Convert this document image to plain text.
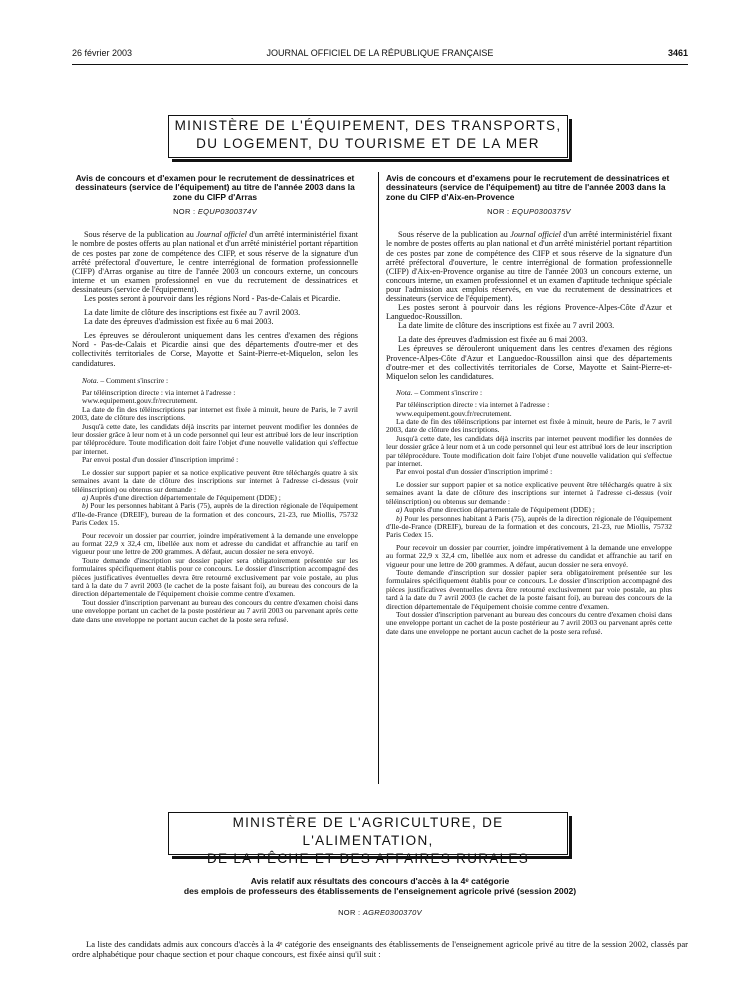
26 février 2003	JOURNAL OFFICIEL DE LA RÉPUBLIQUE FRANÇAISE	3461
MINISTÈRE DE L'ÉQUIPEMENT, DES TRANSPORTS,
DU LOGEMENT, DU TOURISME ET DE LA MER
Avis de concours et d'examen pour le recrutement de dessinatrices et dessinateurs (service de l'équipement) au titre de l'année 2003 dans la zone du CIFP d'Arras
NOR : EQUP0300374V

Sous réserve de la publication au Journal officiel d'un arrêté interministériel fixant le nombre de postes offerts au plan national et d'un arrêté ministériel portant répartition de ces postes par zone de compétence des CIFP, et sous réserve de la signature d'un arrêté préfectoral d'ouverture, le centre interrégional de formation professionnelle (CIFP) d'Arras organise au titre de l'année 2003 un concours externe, un concours interne et un examen professionnel en vue du recrutement de dessinatrices et dessinateurs (service de l'équipement).

Les postes seront à pourvoir dans les régions Nord - Pas-de-Calais et Picardie.

La date limite de clôture des inscriptions est fixée au 7 avril 2003.

La date des épreuves d'admission est fixée au 6 mai 2003.

Les épreuves se dérouleront uniquement dans les centres d'examen des régions Nord - Pas-de-Calais et Picardie ainsi que des départements d'outre-mer et des collectivités territoriales de Corse, Mayotte et Saint-Pierre-et-Miquelon, selon les candidatures.

Nota. – Comment s'inscrire :

Par téléinscription directe : via internet à l'adresse :

www.equipement.gouv.fr/recrutement.

La date de fin des téléinscriptions par internet est fixée à minuit, heure de Paris, le 7 avril 2003, date de clôture des inscriptions.

Jusqu'à cette date, les candidats déjà inscrits par internet peuvent modifier les données de leur dossier grâce à leur nom et à un code personnel qui leur est attribué lors de leur inscription par téléprocédure. Toute modification doit faire l'objet d'une nouvelle validation qui s'effectue par internet.

Par envoi postal d'un dossier d'inscription imprimé :

Le dossier sur support papier et sa notice explicative peuvent être téléchargés quatre à six semaines avant la date de clôture des inscriptions sur internet à l'adresse ci-dessus (voir téléinscription) ou obtenus sur demande :

a) Auprès d'une direction départementale de l'équipement (DDE) ;

b) Pour les personnes habitant à Paris (75), auprès de la direction régionale de l'équipement d'Ile-de-France (DREIF), bureau de la formation et des concours, 21-23, rue Miollis, 75732 Paris Cedex 15.

Pour recevoir un dossier par courrier, joindre impérativement à la demande une enveloppe au format 22,9 x 32,4 cm, libellée aux nom et adresse du candidat et affranchie au tarif en vigueur pour une lettre de 200 grammes. A défaut, aucun dossier ne sera envoyé.

Toute demande d'inscription sur dossier papier sera obligatoirement présentée sur les formulaires spécifiquement établis pour ce concours. Le dossier d'inscription accompagné des pièces justificatives éventuelles devra être retourné exclusivement par voie postale, au plus tard à la date du 7 avril 2003 (le cachet de la poste faisant foi), au bureau des concours de la direction départementale de l'équipement choisie comme centre d'examen.

Tout dossier d'inscription parvenant au bureau des concours du centre d'examen choisi dans une enveloppe portant un cachet de la poste postérieur au 7 avril 2003 ou parvenant après cette date dans une enveloppe ne portant aucun cachet de la poste sera refusé.

Avis de concours et d'examens pour le recrutement de dessinatrices et dessinateurs (service de l'équipement) au titre de l'année 2003 dans la zone du CIFP d'Aix-en-Provence
NOR : EQUP0300375V

Sous réserve de la publication au Journal officiel d'un arrêté interministériel fixant le nombre de postes offerts au plan national et d'un arrêté ministériel portant répartition de ces postes par zone de compétence des CIFP et sous réserve de la signature d'un arrêté préfectoral d'ouverture, le centre interrégional de formation professionnelle (CIFP) d'Aix-en-Provence organise au titre de l'année 2003 un concours externe, un concours interne, un examen professionnel et un examen d'aptitude technique spéciale pour l'admission aux emplois réservés, en vue du recrutement de dessinatrices et dessinateurs (service de l'équipement).

Les postes seront à pourvoir dans les régions Provence-Alpes-Côte d'Azur et Languedoc-Roussillon.

La date limite de clôture des inscriptions est fixée au 7 avril 2003.

La date des épreuves d'admission est fixée au 6 mai 2003.

Les épreuves se dérouleront uniquement dans les centres d'examen des régions Provence-Alpes-Côte d'Azur et Languedoc-Roussillon ainsi que des départements d'outre-mer et des collectivités territoriales de Corse, Mayotte et Saint-Pierre-et-Miquelon selon les candidatures.

Nota. – Comment s'inscrire :

Par téléinscription directe : via internet à l'adresse :

www.equipement.gouv.fr/recrutement.

La date de fin des téléinscriptions par internet est fixée à minuit, heure de Paris, le 7 avril 2003, date de clôture des inscriptions.

Jusqu'à cette date, les candidats déjà inscrits par internet peuvent modifier les données de leur dossier grâce à leur nom et à un code personnel qui leur est attribué lors de leur inscription par téléprocédure. Toute modification doit faire l'objet d'une nouvelle validation qui s'effectue par internet.

Par envoi postal d'un dossier d'inscription imprimé :

Le dossier sur support papier et sa notice explicative peuvent être téléchargés quatre à six semaines avant la date de clôture des inscriptions sur internet à l'adresse ci-dessus (voir téléinscription) ou obtenus sur demande :

a) Auprès d'une direction départementale de l'équipement (DDE) ;

b) Pour les personnes habitant à Paris (75), auprès de la direction régionale de l'équipement d'Ile-de-France (DREIF), bureau de la formation et des concours, 21-23, rue Miollis, 75732 Paris Cedex 15.

Pour recevoir un dossier par courrier, joindre impérativement à la demande une enveloppe au format 22,9 x 32,4 cm, libellée aux nom et adresse du candidat et affranchie au tarif en vigueur pour une lettre de 200 grammes. A défaut, aucun dossier ne sera envoyé.

Toute demande d'inscription sur dossier papier sera obligatoirement présentée sur les formulaires spécifiquement établis pour ce concours. Le dossier d'inscription accompagné des pièces justificatives éventuelles devra être retourné exclusivement par voie postale, au plus tard à la date du 7 avril 2003 (le cachet de la poste faisant foi), au bureau des concours de la direction départementale de l'équipement choisie comme centre d'examen.

Tout dossier d'inscription parvenant au bureau des concours du centre d'examen choisi dans une enveloppe portant un cachet de la poste postérieur au 7 avril 2003 ou parvenant après cette date dans une enveloppe ne portant aucun cachet de la poste sera refusé.

MINISTÈRE DE L'AGRICULTURE, DE L'ALIMENTATION,
DE LA PÊCHE ET DES AFFAIRES RURALES
Avis relatif aux résultats des concours d'accès à la 4ᵉ catégorie
des emplois de professeurs des établissements de l'enseignement agricole privé (session 2002)
NOR : AGRE0300370V
La liste des candidats admis aux concours d'accès à la 4ᵉ catégorie des enseignants des établissements de l'enseignement agricole privé au titre de la session 2002, classés par ordre alphabétique pour chaque section et pour chaque concours, est fixée ainsi qu'il suit :
